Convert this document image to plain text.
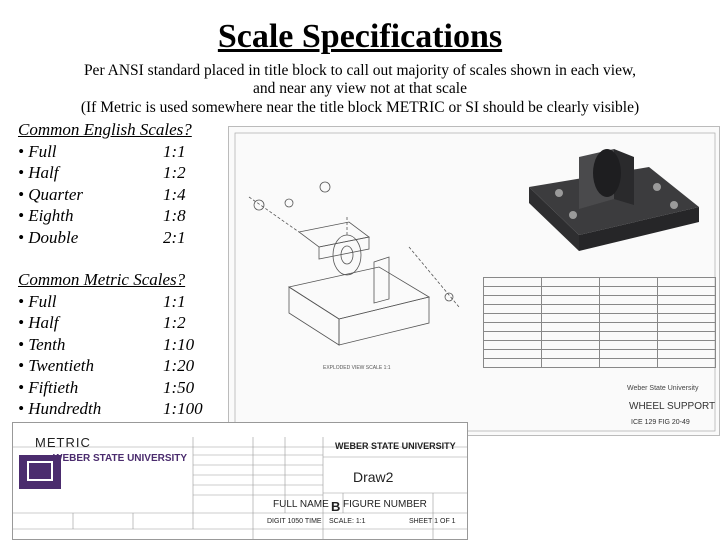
Scale Specifications
Per ANSI standard placed in title block to call out majority of scales shown in each view,
and near any view not at that scale
(If Metric is used somewhere near the title block METRIC or SI should be clearly visible)
Common English Scales?
• Full	1:1
• Half	1:2
• Quarter	1:4
• Eighth	1:8
• Double	2:1
Common Metric Scales?
• Full	1:1
• Half	1:2
• Tenth	1:10
• Twentieth	1:20
• Fiftieth	1:50
• Hundredth	1:100
EXPLODED VIEW SCALE 1:1

Weber State University
WHEEL SUPPORT
ICE 129 FIG 20-49
METRIC
WEBER STATE UNIVERSITY
WEBER STATE UNIVERSITY
Draw2
FULL NAME B FIGURE NUMBER
DIGIT 1050 TIME SCALE: 1:1	SHEET 1 OF 1
